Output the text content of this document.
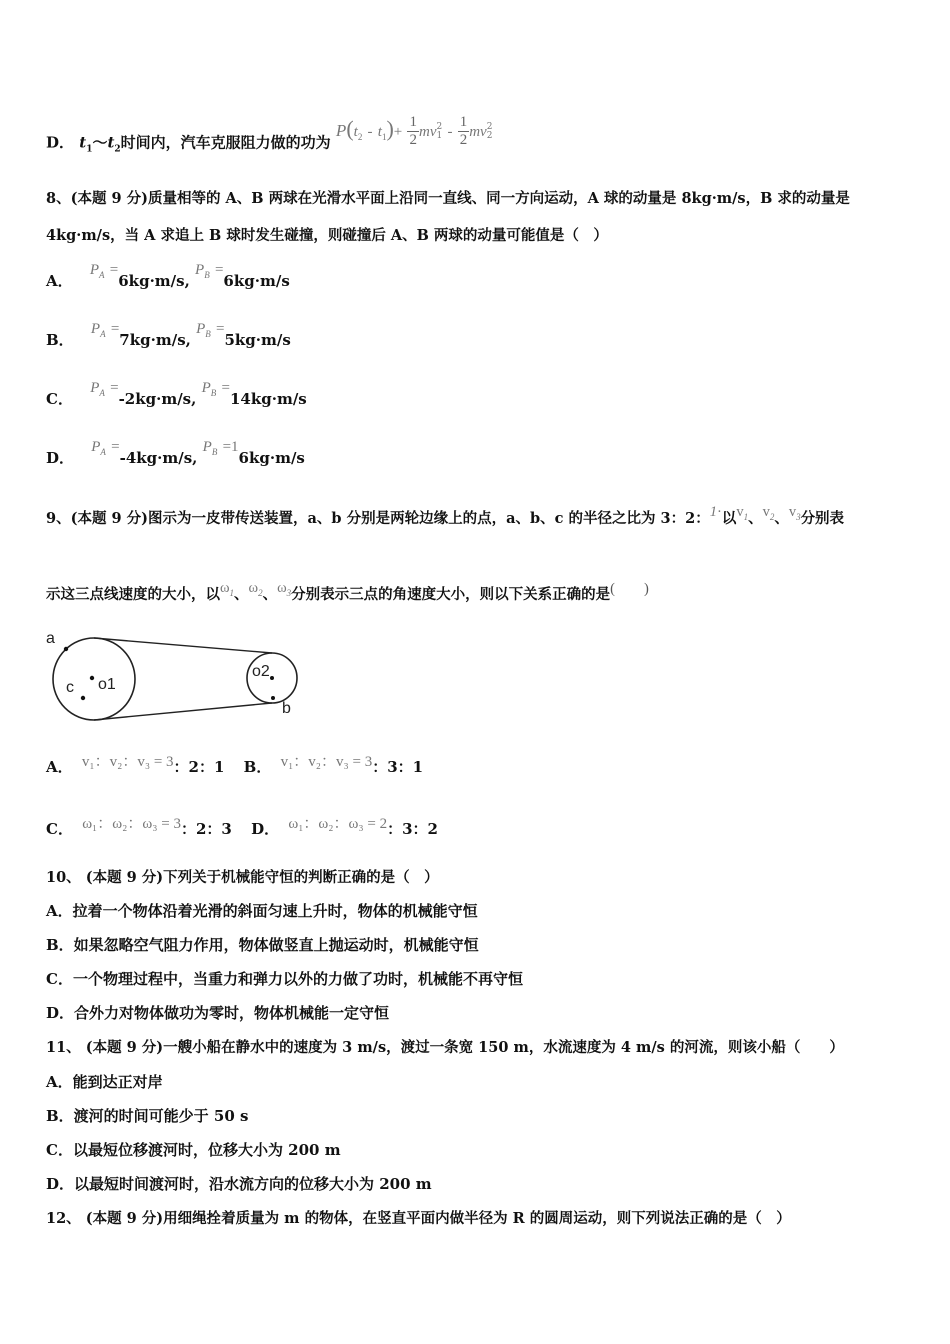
D． $t_1\sim t_2$时间内，汽车克服阻力做的功为 $P(t_2 - t_1)+ \frac{1}{2}$ mv 2
$1 - \frac{1}{2}$ mv 2
2
8、(本题 9 分)质量相等的 A、B 两球在光滑水平面上沿同一直线、同一方向运动，A 球的动量是 8kg·m/s，B 求的动量是
4kg·m/s，当 A 求追上 B 球时发生碰撞，则碰撞后 A、B 两球的动量可能值是（　）
A． $P_A =6kg\cdot m/s$, $P_B =6kg\cdot m/s$
B． $P_A =7kg\cdot m/s$, $P_B =5kg\cdot m/s$
C． $P_A =-2kg\cdot m/s$, $P_B =14kg\cdot m/s$
D． $P_A =-4kg\cdot m/s$, $P_B =16kg\cdot m/s$
9、(本题 9 分)图示为一皮带传送装置，a、b 分别是两轮边缘上的点，a、b、c 的半径之比为 3：2：1·以$v_1$、$v_2$、$v_3$分别表
示这三点线速度的大小，以$\omega_1$、$\omega_2$、$\omega_3$分别表示三点的角速度大小，则以下关系正确的是(　　)
a
c o1
o2
b
A． v₁：v₂：v₃ = 3：2：1 B． v₁：v₂：v₃ = 3：3：1
C． ω₁：ω₂：ω₃ = 3：2：3 D． ω₁：ω₂：ω₃ = 2：3：2
10、 (本题 9 分)下列关于机械能守恒的判断正确的是（　）
A．拉着一个物体沿着光滑的斜面匀速上升时，物体的机械能守恒
B．如果忽略空气阻力作用，物体做竖直上抛运动时，机械能守恒
C．一个物理过程中，当重力和弹力以外的力做了功时，机械能不再守恒
D．合外力对物体做功为零时，物体机械能一定守恒
11、 (本题 9 分)一艘小船在静水中的速度为 3 m/s，渡过一条宽 150 m，水流速度为 4 m/s 的河流，则该小船（　　）
A．能到达正对岸
B．渡河的时间可能少于 50 s
C．以最短位移渡河时，位移大小为 200 m
D．以最短时间渡河时，沿水流方向的位移大小为 200 m
12、 (本题 9 分)用细绳拴着质量为 m 的物体，在竖直平面内做半径为 R 的圆周运动，则下列说法正确的是（　）
